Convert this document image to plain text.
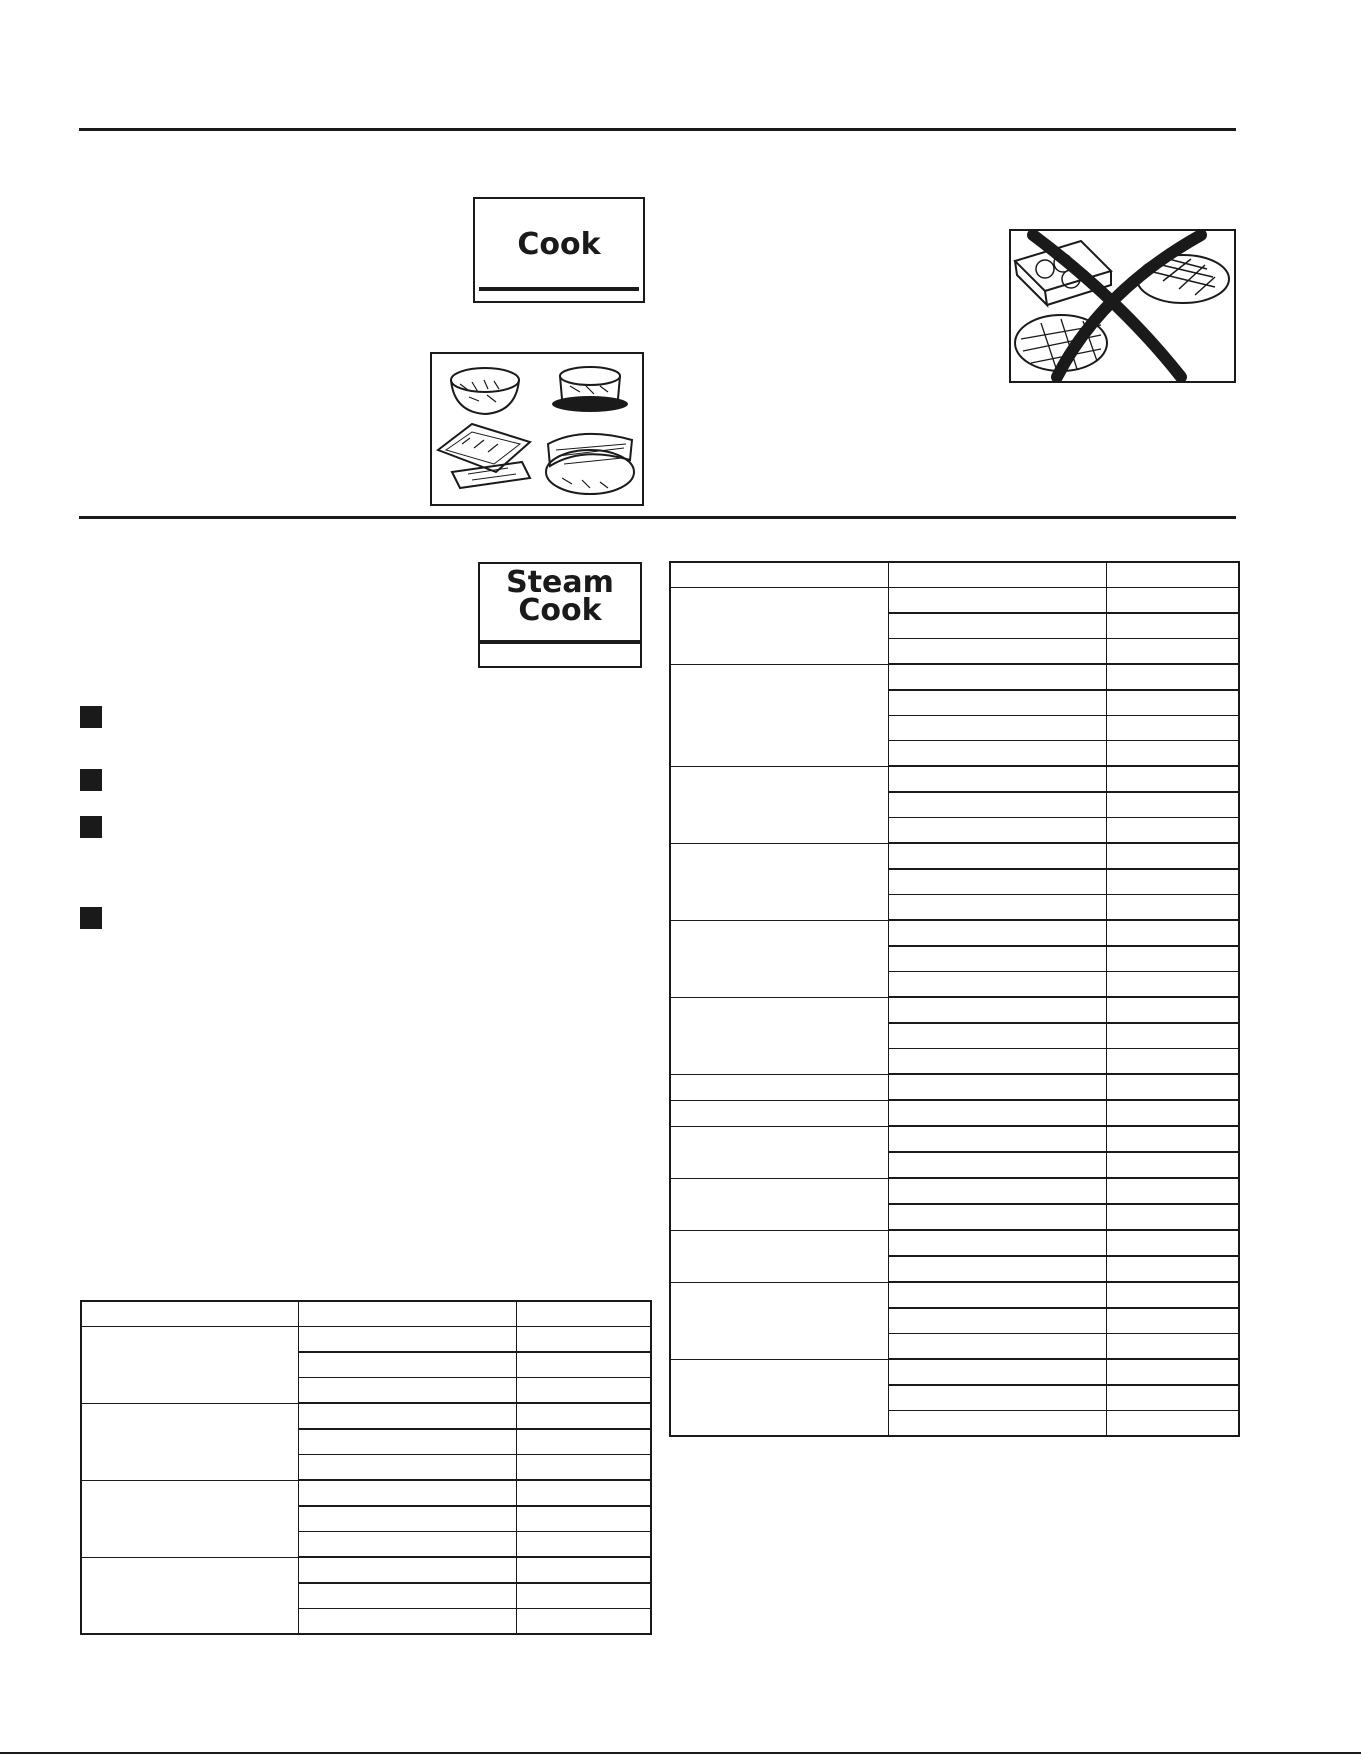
Cook
Steam
Cook
